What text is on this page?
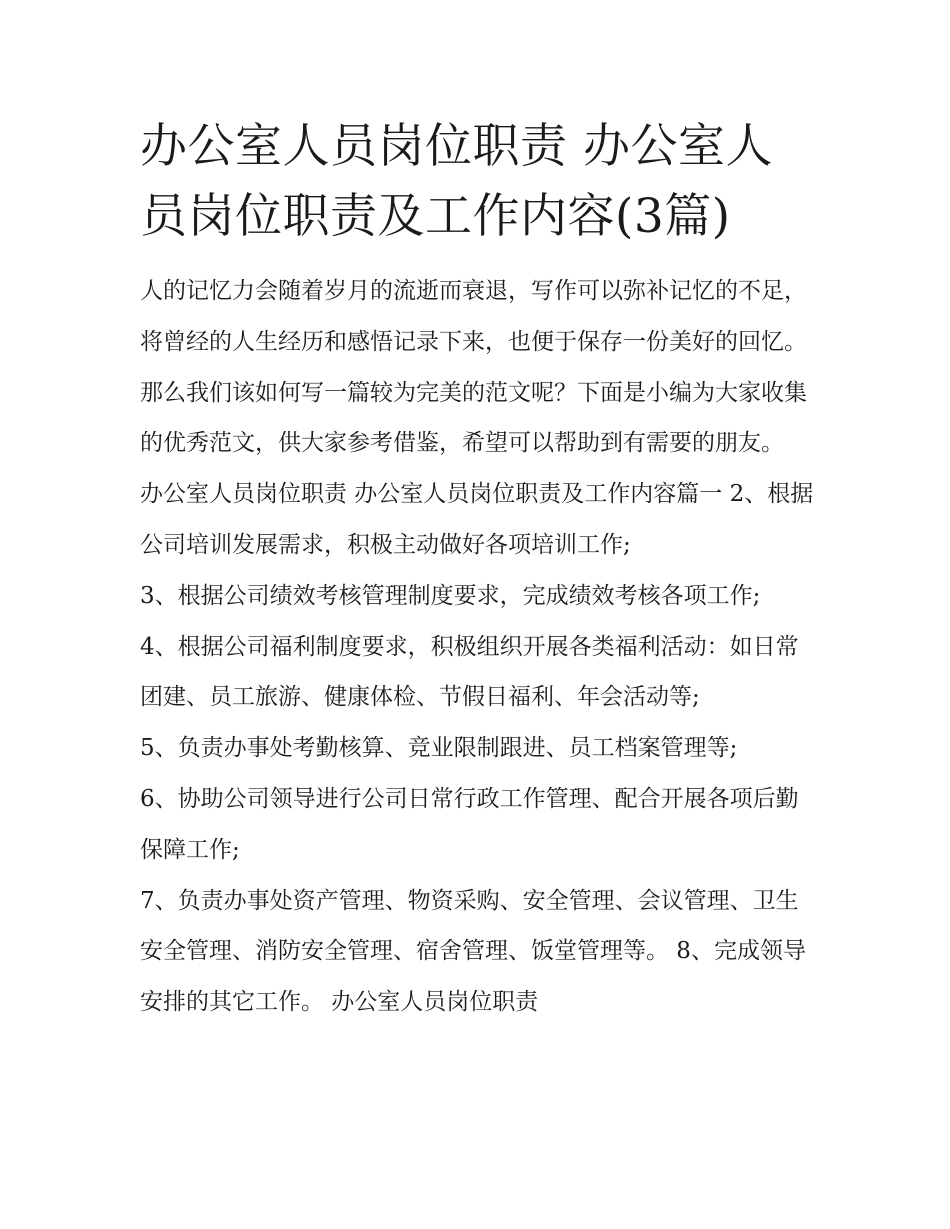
办公室人员岗位职责 办公室人员岗位职责及工作内容(3篇)

人的记忆力会随着岁月的流逝而衰退，写作可以弥补记忆的不足，将曾经的人生经历和感悟记录下来，也便于保存一份美好的回忆。那么我们该如何写一篇较为完美的范文呢？下面是小编为大家收集的优秀范文，供大家参考借鉴，希望可以帮助到有需要的朋友。

办公室人员岗位职责 办公室人员岗位职责及工作内容篇一 2、根据公司培训发展需求，积极主动做好各项培训工作;

3、根据公司绩效考核管理制度要求，完成绩效考核各项工作;

4、根据公司福利制度要求，积极组织开展各类福利活动：如日常团建、员工旅游、健康体检、节假日福利、年会活动等;

5、负责办事处考勤核算、竞业限制跟进、员工档案管理等;

6、协助公司领导进行公司日常行政工作管理、配合开展各项后勤保障工作;

7、负责办事处资产管理、物资采购、安全管理、会议管理、卫生安全管理、消防安全管理、宿舍管理、饭堂管理等。 8、完成领导安排的其它工作。 办公室人员岗位职责
